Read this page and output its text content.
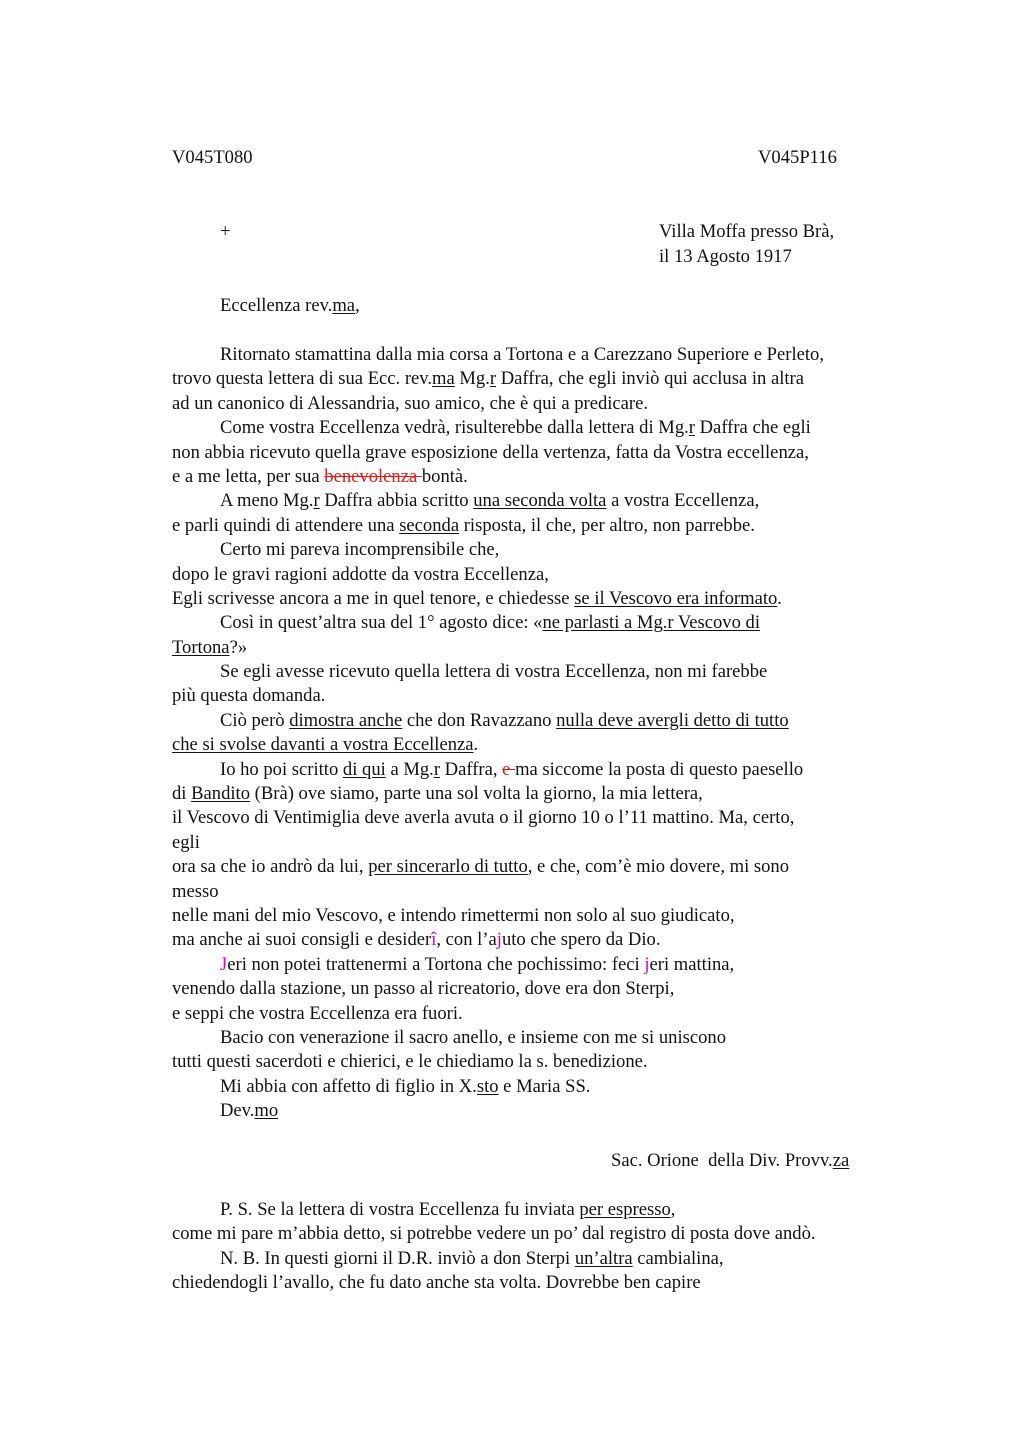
V045T080	V045P116
+	Villa Moffa presso Brà,
il 13 Agosto 1917
Eccellenza rev.ma,
Ritornato stamattina dalla mia corsa a Tortona e a Carezzano Superiore e Perleto,
trovo questa lettera di sua Ecc. rev.ma Mg.r Daffra, che egli inviò qui acclusa in altra
ad un canonico di Alessandria, suo amico, che è qui a predicare.
Come vostra Eccellenza vedrà, risulterebbe dalla lettera di Mg.r Daffra che egli
non abbia ricevuto quella grave esposizione della vertenza, fatta da Vostra eccellenza,
e a me letta, per sua benevolenza bontà.
A meno Mg.r Daffra abbia scritto una seconda volta a vostra Eccellenza,
e parli quindi di attendere una seconda risposta, il che, per altro, non parrebbe.
Certo mi pareva incomprensibile che,
dopo le gravi ragioni addotte da vostra Eccellenza,
Egli scrivesse ancora a me in quel tenore, e chiedesse se il Vescovo era informato.
Così in quest’altra sua del 1° agosto dice: «ne parlasti a Mg.r Vescovo di
Tortona?»
Se egli avesse ricevuto quella lettera di vostra Eccellenza, non mi farebbe
più questa domanda.
Ciò però dimostra anche che don Ravazzano nulla deve avergli detto di tutto
che si svolse davanti a vostra Eccellenza.
Io ho poi scritto di qui a Mg.r Daffra, e ma siccome la posta di questo paesello
di Bandito (Brà) ove siamo, parte una sol volta la giorno, la mia lettera,
il Vescovo di Ventimiglia deve averla avuta o il giorno 10 o l’11 mattino. Ma, certo,
egli
ora sa che io andrò da lui, per sincerarlo di tutto, e che, com’è mio dovere, mi sono
messo
nelle mani del mio Vescovo, e intendo rimettermi non solo al suo giudicato,
ma anche ai suoi consigli e desiderî, con l’ajuto che spero da Dio.
Jeri non potei trattenermi a Tortona che pochissimo: feci jeri mattina,
venendo dalla stazione, un passo al ricreatorio, dove era don Sterpi,
e seppi che vostra Eccellenza era fuori.
Bacio con venerazione il sacro anello, e insieme con me si uniscono
tutti questi sacerdoti e chierici, e le chiediamo la s. benedizione.
Mi abbia con affetto di figlio in X.sto e Maria SS.
Dev.mo
Sac. Orione  della Div. Provv.za
P. S. Se la lettera di vostra Eccellenza fu inviata per espresso,
come mi pare m’abbia detto, si potrebbe vedere un po’ dal registro di posta dove andò.
N. B. In questi giorni il D.R. inviò a don Sterpi un’altra cambialina,
chiedendogli l’avallo, che fu dato anche sta volta. Dovrebbe ben capire
